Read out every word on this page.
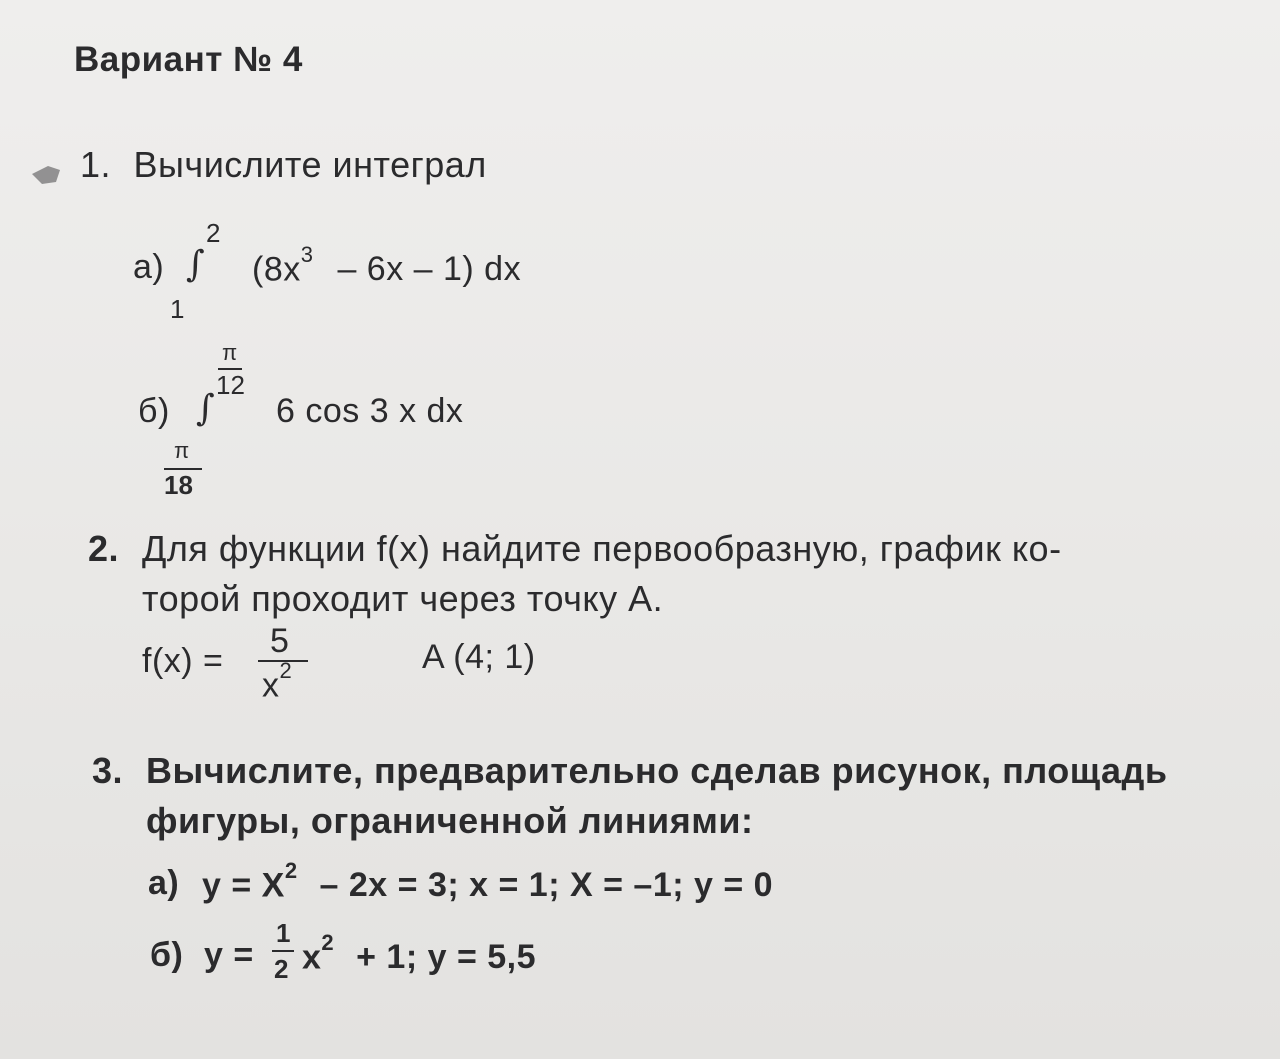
Вариант № 4
1. Вычислите интеграл
а) ∫
2
1
$(8x^3 - 6x - 1)$ dx
б) ∫
π
12
π
18
6 cos 3 x dx
2. Для функции f(x) найдите первообразную, график ко-
торой проходит через точку А.
f(x) =
5
$x^2$	A (4; 1)
3. Вычислите, предварительно сделав рисунок, площадь
фигуры, ограниченной линиями:
а) $y = X^2 - 2x = 3$; x = 1; X = –1; y = 0
б) y =
1
2 $x^2 + 1$; y = 5,5
